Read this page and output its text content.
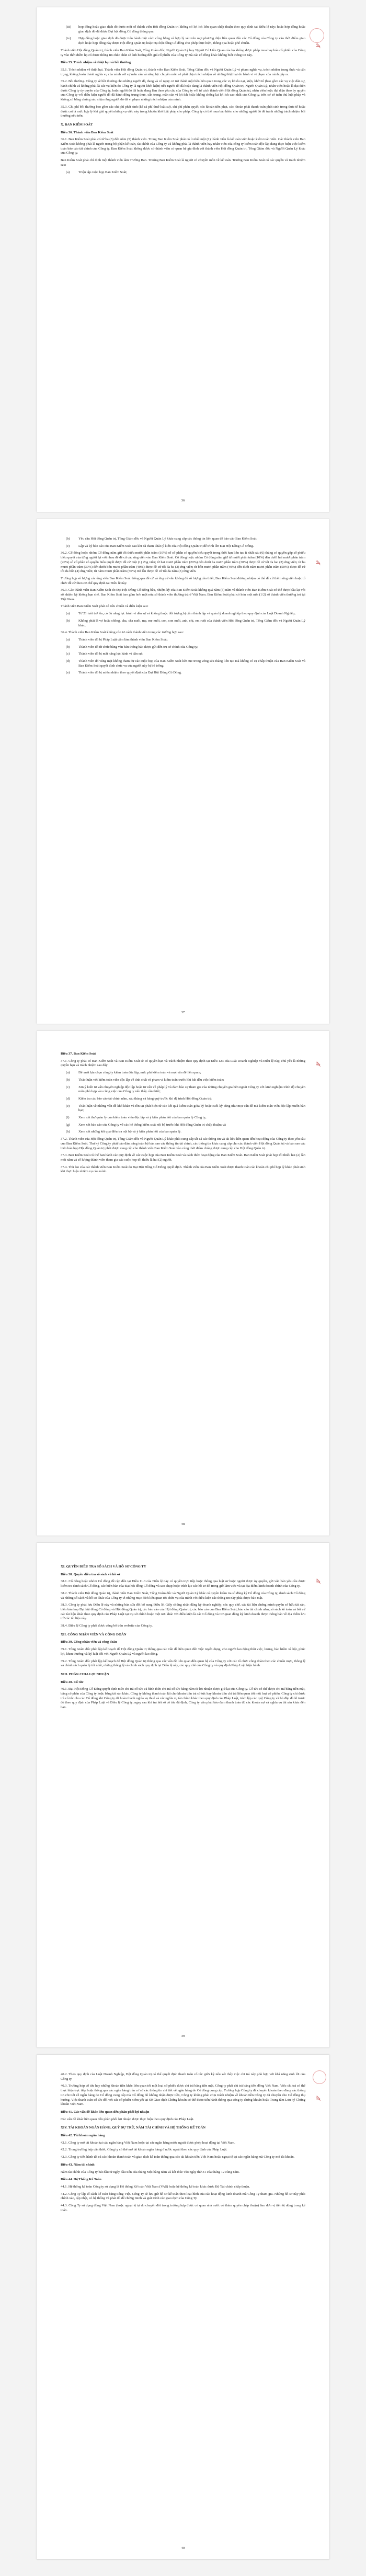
ꝟ
(iii)	họp đồng hoặc giao dịch đó được một số thành viên Hội đồng Quản trị không có lợi ích liên quan chấp thuận theo quy định tại Điều lệ này; hoặc hợp đồng hoặc giao dịch đó đã được Đại hội đồng Cổ đông thông qua.
(iv)	Hợp đồng hoặc giao dịch đó được tiến hành một cách công bằng và hợp lý xét trên mọi phương diện liên quan đến các Cổ đông của Công ty vào thời điểm giao dịch hoặc hợp đồng này được Hội đồng Quản trị hoặc Đại hội đồng Cổ đông cho phép thực hiện, thông qua hoặc phê chuẩn.
Thành viên Hội đồng Quản trị, thành viên Ban Kiểm Soát, Tổng Giám đốc, Người Quản Lý hay Người Có Liên Quan của họ không được phép mua hay bán cổ phiếu của Công ty vào thời điểm họ có được thông tin chắc chắn sẽ ảnh hưởng đến giá cổ phiếu của Công ty mà các cổ đông khác không biết thông tin này.
Điều 35. Trách nhiệm về thiệt hại và bồi thường
35.1. Trách nhiệm về thiệt hại. Thành viên Hội đồng Quản trị, thành viên Ban Kiểm Soát, Tổng Giám đốc và Người Quản Lý vi phạm nghĩa vụ, trách nhiệm trung thực và cẩn trọng, không hoàn thành nghĩa vụ của mình với sự mẫn cán và năng lực chuyên môn sẽ phải chịu trách nhiệm về những thiệt hại do hành vi vi phạm của mình gây ra.
35.2. Bồi thường. Công ty sẽ bồi thường cho những người đã, đang và có nguy cơ trở thành một bên liên quan trong các vụ khiếu nại, kiện, khởi tố (bao gồm các vụ việc dân sự, hành chính và không phải là các vụ kiện do Công ty là người khởi kiện) nếu người đó đã hoặc đang là thành viên Hội đồng Quản trị, Người Quản Lý, nhân viên hoặc là đại diện được Công ty ủy quyền của Công ty, hoặc người đó đã hoặc đang làm theo yêu cầu của Công ty với tư cách thành viên Hội đồng Quản trị, nhân viên hoặc đại diện theo ủy quyền của Công ty với điều kiện người đó đã hành động trung thực, cẩn trọng, mẫn cán vì lợi ích hoặc không chống lại lợi ích cao nhất của Công ty, trên cơ sở tuân thủ luật pháp và không có bằng chứng xác nhận rằng người đó đã vi phạm những trách nhiệm của mình.
35.3. Chi phí bồi thường bao gồm các chi phí phát sinh (kể cả phí thuê luật sư), chi phí phán quyết, các khoản tiền phạt, các khoản phải thanh toán phát sinh trong thực tế hoặc được coi là mức hợp lý khi giải quyết những vụ việc này trong khuôn khổ luật pháp cho phép. Công ty có thể mua bảo hiểm cho những người đó để tránh những trách nhiệm bồi thường nêu trên.
X. BAN KIỂM SOÁT
Điều 36. Thành viên Ban Kiểm Soát
36.1. Ban Kiểm Soát phải có từ ba (3) đến năm (5) thành viên. Trong Ban Kiểm Soát phải có ít nhất một (1) thành viên là kế toán viên hoặc kiểm toán viên. Các thành viên Ban Kiểm Soát không phải là người trong bộ phận kế toán, tài chính của Công ty và không phải là thành viên hay nhân viên của công ty kiểm toán độc lập đang thực hiện việc kiểm toán báo cáo tài chính của Công ty. Ban Kiểm Soát không được có thành viên có quan hệ gia đình với thành viên Hội đồng Quản trị, Tổng Giám đốc và Người Quản Lý khác của Công ty.
Ban Kiểm Soát phải chỉ định một thành viên làm Trưởng Ban. Trưởng Ban Kiểm Soát là người có chuyên môn về kế toán. Trưởng Ban Kiểm Soát có các quyền và trách nhiệm sau:
(a)	Triệu tập cuộc họp Ban Kiểm Soát;
36
ꝟ
(b)	Yêu cầu Hội đồng Quản trị, Tổng Giám đốc và Người Quản Lý khác cung cấp các thông tin liên quan để báo cáo Ban Kiểm Soát;
(c)	Lập và ký báo cáo của Ban Kiểm Soát sau khi đã tham khảo ý kiến của Hội đồng Quản trị để trình lên Đại Hội Đồng Cổ Đông.
36.2. Cổ đông hoặc nhóm Cổ đông nắm giữ tối thiểu mười phần trăm (10%) số cổ phần có quyền biểu quyết trong thời hạn liên tục ít nhất sáu (6) tháng có quyền gộp số phiếu biểu quyết của từng người lại với nhau để đề cử các ứng viên vào Ban Kiểm Soát. Cổ đông hoặc nhóm Cổ đông nắm giữ từ mười phần trăm (10%) đến dưới hai mươi phần trăm (20%) số cổ phần có quyền biểu quyết được đề cử một (1) ứng viên; từ hai mươi phần trăm (20%) đến dưới ba mươi phần trăm (30%) được đề cử tối đa hai (2) ứng viên; từ ba mươi phần trăm (30%) đến dưới bốn mươi phần trăm (40%) được đề cử tối đa ba (3) ứng viên; từ bốn mươi phần trăm (40%) đến dưới năm mươi phần trăm (50%) được đề cử tối đa bốn (4) ứng viên; từ năm mươi phần trăm (50%) trở lên được đề cử tối đa năm (5) ứng viên.
Trường hợp số lượng các ứng viên Ban Kiểm Soát thông qua đề cử và ứng cử vẫn không đủ số lượng cần thiết, Ban Kiểm Soát đương nhiệm có thể đề cử thêm ứng viên hoặc tổ chức đề cử theo cơ chế quy định tại Điều lệ này.
36.3. Các thành viên Ban Kiểm Soát do Đại Hội Đồng Cổ Đông bầu, nhiệm kỳ của Ban Kiểm Soát không quá năm (5) năm và thành viên Ban Kiểm Soát có thể được bầu lại với số nhiệm kỳ không hạn chế. Ban Kiểm Soát bao gồm hơn một nửa số thành viên thường trú ở Việt Nam. Ban Kiểm Soát phải có hơn một nửa (1/2) số thành viên thường trú tại Việt Nam.
Thành viên Ban Kiểm Soát phải có tiêu chuẩn và điều kiện sau:
(a)	Từ 21 tuổi trở lên, có đủ năng lực hành vi dân sự và không thuộc đối tượng bị cấm thành lập và quản lý doanh nghiệp theo quy định của Luật Doanh Nghiệp;
(b)	Không phải là vợ hoặc chồng, cha, cha nuôi, mẹ, mẹ nuôi, con, con nuôi, anh, chị, em ruột của thành viên Hội đồng Quản trị, Tổng Giám đốc và Người Quản Lý khác.
36.4. Thành viên Ban Kiểm Soát không còn tư cách thành viên trong các trường hợp sau:
(a)	Thành viên đó bị Pháp Luật cấm làm thành viên Ban Kiểm Soát;
(b)	Thành viên đó từ chức bằng văn bản thông báo được gửi đến trụ sở chính của Công ty;
(c)	Thành viên đó bị mất năng lực hành vi dân sự;
(d)	Thành viên đó vắng mặt không tham dự các cuộc họp của Ban Kiểm Soát liên tục trong vòng sáu tháng liên tục mà không có sự chấp thuận của Ban Kiểm Soát và Ban Kiểm Soát quyết định chức vụ của người này bị bỏ trống;
(e)	Thành viên đó bị miễn nhiệm theo quyết định của Đại Hội Đồng Cổ Đông.
37
ꝟ
Điều 37. Ban Kiểm Soát
37.1. Công ty phải có Ban Kiểm Soát và Ban Kiểm Soát sẽ có quyền hạn và trách nhiệm theo quy định tại Điều 123 của Luật Doanh Nghiệp và Điều lệ này, chủ yếu là những quyền hạn và trách nhiệm sau đây:
(a)	Đề xuất lựa chọn công ty kiểm toán độc lập, mức phí kiểm toán và mọi vấn đề liên quan;
(b)	Thảo luận với kiểm toán viên độc lập về tính chất và phạm vi kiểm toán trước khi bắt đầu việc kiểm toán;
(c)	Xin ý kiến tư vấn chuyên nghiệp độc lập hoặc tư vấn về pháp lý và đảm bảo sự tham gia của những chuyên gia bên ngoài Công ty với kinh nghiệm trình độ chuyên môn phù hợp vào công việc của Công ty nếu thấy cần thiết;
(d)	Kiểm tra các báo cáo tài chính năm, sáu tháng và hàng quý trước khi đệ trình Hội đồng Quản trị;
(e)	Thảo luận về những vấn đề khó khăn và tồn tại phát hiện từ các kết quả kiểm toán giữa kỳ hoặc cuối kỳ cũng như mọi vấn đề mà kiểm toán viên độc lập muốn bàn bạc;
(f)	Xem xét thư quản lý của kiểm toán viên độc lập và ý kiến phản hồi của ban quản lý Công ty;
(g)	Xem xét báo cáo của Công ty về các hệ thống kiểm soát nội bộ trước khi Hội đồng Quản trị chấp thuận; và
(h)	Xem xét những kết quả điều tra nội bộ và ý kiến phản hồi của ban quản lý.
37.2. Thành viên của Hội đồng Quản trị, Tổng Giám đốc và Người Quản Lý khác phải cung cấp tất cả các thông tin và tài liệu liên quan đến hoạt động của Công ty theo yêu cầu của Ban Kiểm Soát. Thư ký Công ty phải bảo đảm rằng toàn bộ bản sao các thông tin tài chính, các thông tin khác cung cấp cho các thành viên Hội đồng Quản trị và bản sao các biên bản họp Hội đồng Quản trị phải được cung cấp cho thành viên Ban Kiểm Soát vào cùng thời điểm chúng được cung cấp cho Hội đồng Quản trị.
37.3. Ban Kiểm Soát có thể ban hành các quy định về các cuộc họp của Ban Kiểm Soát và cách thức hoạt động của Ban Kiểm Soát. Ban Kiểm Soát phải họp tối thiểu hai (2) lần một năm và số lượng thành viên tham gia các cuộc họp tối thiểu là hai (2) người.
37.4. Thù lao của các thành viên Ban Kiểm Soát do Đại Hội Đồng Cổ Đông quyết định. Thành viên của Ban Kiểm Soát được thanh toán các khoản chi phí hợp lý khác phát sinh khi thực hiện nhiệm vụ của mình.
38
ꝟ
XI. QUYỀN ĐIỀU TRA SỔ SÁCH VÀ HỒ SƠ CÔNG TY
Điều 38. Quyền điều tra sổ sách và hồ sơ
38.1. Cổ đông hoặc nhóm Cổ đông đề cập đến tại Điều 11.3 của Điều lệ này có quyền trực tiếp hoặc thông qua luật sư hoặc người được ủy quyền, gửi văn bản yêu cầu được kiểm tra danh sách Cổ đông, các biên bản của Đại hội đồng Cổ đông và sao chụp hoặc trích lục các hồ sơ đó trong giờ làm việc và tại địa điểm kinh doanh chính của Công ty.
38.2. Thành viên Hội đồng Quản trị, thành viên Ban Kiểm Soát, Tổng Giám đốc và Người Quản Lý khác có quyền kiểm tra sổ đăng ký Cổ đông của Công ty, danh sách Cổ đông và những sổ sách và hồ sơ khác của Công ty vì những mục đích liên quan tới chức vụ của mình với điều kiện các thông tin này phải được bảo mật.
38.3. Công ty phải lưu Điều lệ này và những bản sửa đổi bổ sung Điều lệ, Giấy chứng nhận đăng ký doanh nghiệp, các quy chế, các tài liệu chứng minh quyền sở hữu tài sản, biên bản họp Đại hội đồng Cổ đông và Hội đồng Quản trị, các báo cáo của Hội đồng Quản trị, các báo cáo của Ban Kiểm Soát, báo cáo tài chính năm, sổ sách kế toán và bất cứ các tài liệu khác theo quy định của Pháp Luật tại trụ sở chính hoặc một nơi khác với điều kiện là các Cổ đông và Cơ quan đăng ký kinh doanh được thông báo về địa điểm lưu trữ các tài liệu này.
38.4. Điều lệ Công ty phải được công bố trên website của Công ty.
XII. CÔNG NHÂN VIÊN VÀ CÔNG ĐOÀN
Điều 39. Công nhân viên và công đoàn
39.1. Tổng Giám đốc phải lập kế hoạch để Hội đồng Quản trị thông qua các vấn đề liên quan đến việc tuyển dụng, cho người lao động thôi việc, lương, bảo hiểm xã hội, phúc lợi, khen thưởng và kỷ luật đối với Người Quản Lý và người lao động.
39.2. Tổng Giám đốc phải lập kế hoạch để Hội đồng Quản trị thông qua các vấn đề liên quan đến quan hệ của Công ty với các tổ chức công đoàn theo các chuẩn mực, thông lệ và chính sách quản lý tốt nhất, những thông lệ và chính sách quy định tại Điều lệ này, các quy chế của Công ty và quy định Pháp Luật hiện hành.
XIII. PHÂN CHIA LỢI NHUẬN
Điều 40. Cổ tức
40.1. Đại Hội Đồng Cổ Đông quyết định mức chi trả cổ tức và hình thức chi trả cổ tức hàng năm từ lợi nhuận được giữ lại của Công ty. Cổ tức có thể được chi trả bằng tiền mặt, bằng cổ phần của Công ty hoặc bằng tài sản khác. Công ty không thanh toán lãi cho khoản tiền trả cổ tức hay khoản tiền chi trả liên quan tới một loại cổ phiếu. Công ty chỉ được trả cổ tức cho các Cổ đông khi Công ty đã hoàn thành nghĩa vụ thuế và các nghĩa vụ tài chính khác theo quy định của Pháp Luật, trích lập các quỹ Công ty và bù đắp đủ lỗ trước đó theo quy định của Pháp Luật và Điều lệ Công ty; ngay sau khi trả hết số cổ tức đã định, Công ty vẫn phải bảo đảm thanh toán đủ các khoản nợ và nghĩa vụ tài sản khác đến hạn.
39
ꝟ
40.2. Theo quy định của Luật Doanh Nghiệp, Hội đồng Quản trị có thể quyết định thanh toán cổ tức giữa kỳ nếu xét thấy việc chi trả này phù hợp với khả năng sinh lời của Công ty.
40.3. Trường hợp cổ tức hay những khoản tiền khác liên quan tới một loại cổ phiếu được chi trả bằng tiền mặt, Công ty phải chi trả bằng tiền đồng Việt Nam. Việc chi trả có thể thực hiện trực tiếp hoặc thông qua các ngân hàng trên cơ sở các thông tin chi tiết về ngân hàng do Cổ đông cung cấp. Trường hợp Công ty đã chuyển khoản theo đúng các thông tin chi tiết về ngân hàng do Cổ đông cung cấp mà Cổ đông đó không nhận được tiền, Công ty không phải chịu trách nhiệm về khoản tiền Công ty đã chuyển cho Cổ đông thụ hưởng. Việc thanh toán cổ tức đối với các cổ phiếu niêm yết tại Sở Giao dịch Chứng khoán có thể được tiến hành thông qua công ty chứng khoán hoặc Trung tâm Lưu ký Chứng khoán Việt Nam.
Điều 41. Các vấn đề khác liên quan đến phân phối lợi nhuận
Các vấn đề khác liên quan đến phân phối lợi nhuận được thực hiện theo quy định của Pháp Luật.
XIV. TÀI KHOẢN NGÂN HÀNG, QUỸ DỰ TRỮ, NĂM TÀI CHÍNH VÀ HỆ THỐNG KẾ TOÁN
Điều 42. Tài khoản ngân hàng
42.1. Công ty mở tài khoản tại các ngân hàng Việt Nam hoặc tại các ngân hàng nước ngoài được phép hoạt động tại Việt Nam.
42.2. Trong trường hợp cần thiết, Công ty có thể mở tài khoản ngân hàng ở nước ngoài theo các quy định của Pháp Luật.
42.3. Công ty tiến hành tất cả các khoản thanh toán và giao dịch kế toán thông qua các tài khoản tiền Việt Nam hoặc ngoại tệ tại các ngân hàng mà Công ty mở tài khoản.
Điều 43. Năm tài chính
Năm tài chính của Công ty bắt đầu từ ngày đầu tiên của tháng Một hàng năm và kết thúc vào ngày thứ 31 của tháng 12 cùng năm.
Điều 44. Hệ Thống Kế Toán
44.1. Hệ thống kế toán Công ty sử dụng là Hệ thống Kế toán Việt Nam (VAS) hoặc hệ thống kế toán khác được Bộ Tài chính chấp thuận.
44.2. Công Ty lập sổ sách kế toán bằng tiếng Việt. Công Ty sẽ lưu giữ hồ sơ kế toán theo loại hình của các hoạt động kinh doanh mà Công Ty tham gia. Những hồ sơ này phải chính xác, cập nhật, có hệ thống và phải đủ để chứng minh và giải trình các giao dịch của Công Ty.
44.3. Công Ty sử dụng đồng Việt Nam (hoặc ngoại tệ tự do chuyển đổi trong trường hợp được cơ quan nhà nước có thẩm quyền chấp thuận) làm đơn vị tiền tệ dùng trong kế toán.
40
